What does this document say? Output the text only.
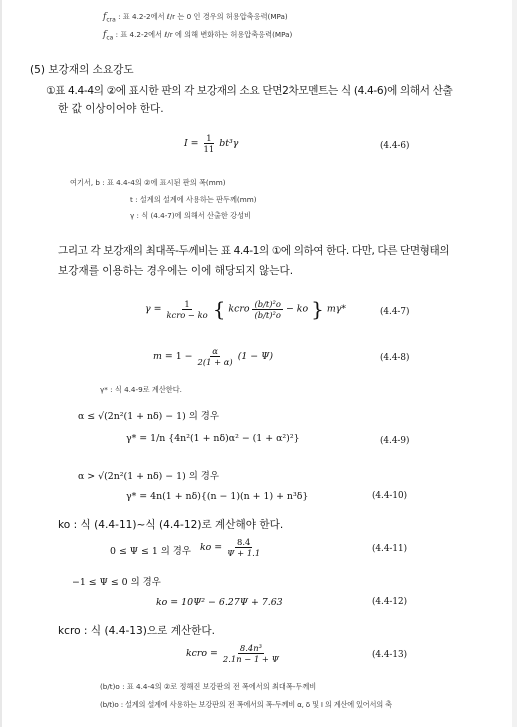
$f_{cra}$ : 표 4.2-2에서 ℓ/r 는 0 인 경우의 허용압축응력(MPa)
$f_{ca}$ : 표 4.2-2에서 ℓ/r 에 의해 변화하는 허용압축응력(MPa)
(5) 보강재의 소요강도
①표 4.4-4의 ②에 표시한 판의 각 보강재의 소요 단면2차모멘트는 식 (4.4-6)에 의해서 산출
한 값 이상이어야 한다.
$I = \frac{1}{11} bt^3\gamma$	(4.4-6)
여기서, b : 표 4.4-4의 ②에 표시된 판의 폭(mm)
t : 설계의 설계에 사용하는 판두께(mm)
γ : 식 (4.4-7)에 의해서 산출한 강성비
그리고 각 보강재의 최대폭-두께비는 표 4.4-1의 ①에 의하여 한다. 다만, 다른 단면형태의
보강재를 이용하는 경우에는 이에 해당되지 않는다.
$\gamma = \frac{1}{\text{kcro − ko}}$ { kcro $\frac{\text{(b/t)²o}}{\text{(b/t)²o}}$ − ko } mγ*	(4.4-7)
$m = 1 - \frac{\alpha}{2(1 + \alpha)} (1 - \Psi)$	(4.4-8)
γ* : 식 4.4-9로 계산한다.
α ≤ √(2n²(1 + nδ) − 1) 의 경우
γ* = 1/n {4n²(1 + nδ)α² − (1 + α²)²}	(4.4-9)
α > √(2n²(1 + nδ) − 1) 의 경우
γ* = 4n(1 + nδ){(n − 1)(n + 1) + n³δ}	(4.4-10)
ko : 식 (4.4-11)~식 (4.4-12)로 계산해야 한다.
0 ≤ Ψ ≤ 1 의 경우 ko = $\frac{8.4}{\Psi + 1.1}$	(4.4-11)
−1 ≤ Ψ ≤ 0 의 경우
ko = 10Ψ² − 6.27Ψ + 7.63	(4.4-12)
kcro : 식 (4.4-13)으로 계산한다.
kcro = $\frac{\text{8.4n³}}{2.1n - 1 + \Psi}$	(4.4-13)
(b/t)o : 표 4.4-4의 ②로 정해진 보강판의 전 폭에서의 최대폭-두께비
(b/t)o : 설계의 설계에 사용하는 보강판의 전 폭에서의 폭-두께비 α, δ 및 I 의 계산에 있어서의 축
